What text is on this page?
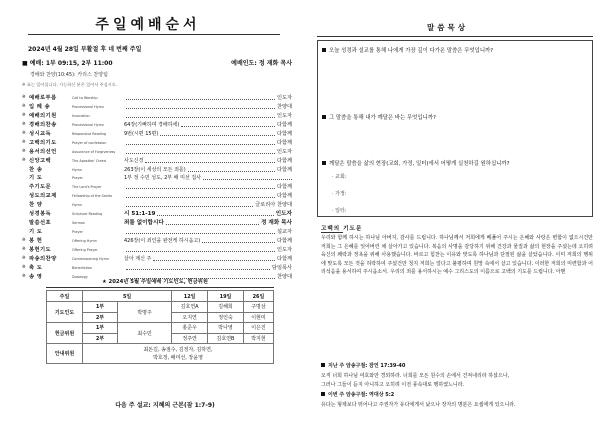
주일예배순서
2024년 4월 28일 부활절 후 네 번째 주일
■ 예배: 1부 09:15, 2부 11:00	예배인도: 정 재화 목사
경배와 찬양(10:45): 카리스 찬양팀
※ 표는 일어섭니다. 가능하신 분은 일어서 주십시오.
※ 예배로부름	Call to Worship	인도자
※ 입 례 송	Processional Hymn	찬양대
※ 예배의기원	Invocation	인도자
※ 경배의찬송	Processional Hymn	64장(기뻐하며 경배하세)	다함께
※ 성시교독	Responsive Reading	9번(시편 15편)	다함께
※ 고백의기도	Prayer of confession	다함께
※ 용서의선언	Assurance of Forgiveness	인도자
※ 신앙고백	The Apostles' Creed	사도신경	다함께
찬 송	Hymn	263장(이 세상의 모든 죄를)	다함께
기 도	Prayer	1부 정 수민 성도, 2부 배 미선 집사
주기도문	The Lord's Prayer	다함께
성도의교제	Fellowship of the Saints	다함께
찬 양	Hymn	글로리아 찬양대
성경봉독	Scripture Reading	시 51:1-19	인도자
말씀선포	Sermon	죄를 없이합시다	정 재화 목사
기 도	Prayer	설교자
※ 봉 헌	Offering Hymn	426장(이 죄인을 완전케 하시옵고)	다함께
※ 봉헌기도	Offering Prayer	인도자
※ 파송의찬양	Commissioning Hymn	살아 계신 주	다함께
※ 축 도	Benediction	담임목사
※ 송 영	Doxology	찬양대
★ 2024년 5월 주일예배 기도인도, 헌금위원
주일	5일		12일	19일	26일
기도인도	1부	박명주	김호연A	김혜희	구명삼
	2부		오지연	정인숙	이현미
헌금위원	1부	최수민	홍준우	박나영	이은진
	2부		정주연	김호연B	박지현
안내위원	최돈길, 송점수, 김정자, 김하연,
박호정, 배미선, 장윤영				
다음 주 설교: 지혜의 근본(잠 1:7-9)
말씀묵상
오늘 성경과 설교를 통해 나에게 가장 깊이 다가온 말씀은 무엇입니까?
그 말씀을 통해 내가 깨달은 바는 무엇입니까?
깨달은 말씀을 삶의 현장(교회, 가정, 일터)에서 어떻게 실천하길 원하십니까?
· 교회:
· 가정:
· 일터:
고백의 기도문
우리와 함께 하시는 하나님 아버지, 감사를 드립니다. 하나님께서 저희에게 베풀어 주시는 은혜와 사랑은 변함이 없으시건만 저희는 그 은혜를 잊어버린 채 살아가고 있습니다. 복음의 사명을 감당하기 위해 건강과 물질과 삶의 현장을 주셨는데 오히려 육신의 쾌락과 정욕을 위해 사용했습니다. 바르고 힘찬는 이유와 맞도록 하나님과 단절된 삶을 살았습니다. 이미 저희의 행위에 맞도록 모든 것을 허락하여 주셨건만 청지 저희는 얼다고 불평하며 원망 속에서 살고 있습니다. 이러한 저희의 미련함과 어리석음을 용서하여 주시옵소서. 우리의 죄를 용서하시는 예수 그리스도의 이름으로 고백의 기도를 드립니다. 아멘
지난 주 암송구절: 잠언 17:39-40
오직 너희 하나님 여호와만 경외하라. 너희를 모든 원수의 손에서 건져내리라 하셨으나,
그러나 그들이 듣지 아니하고 오히려 이전 풍속대로 행하였느니라.
이번 주 암송구절: 역대상 5:2
유다는 형제보다 뛰어나고 주권자가 유다에게서 났으나 장자의 명분은 요셉에게 있으니라.
